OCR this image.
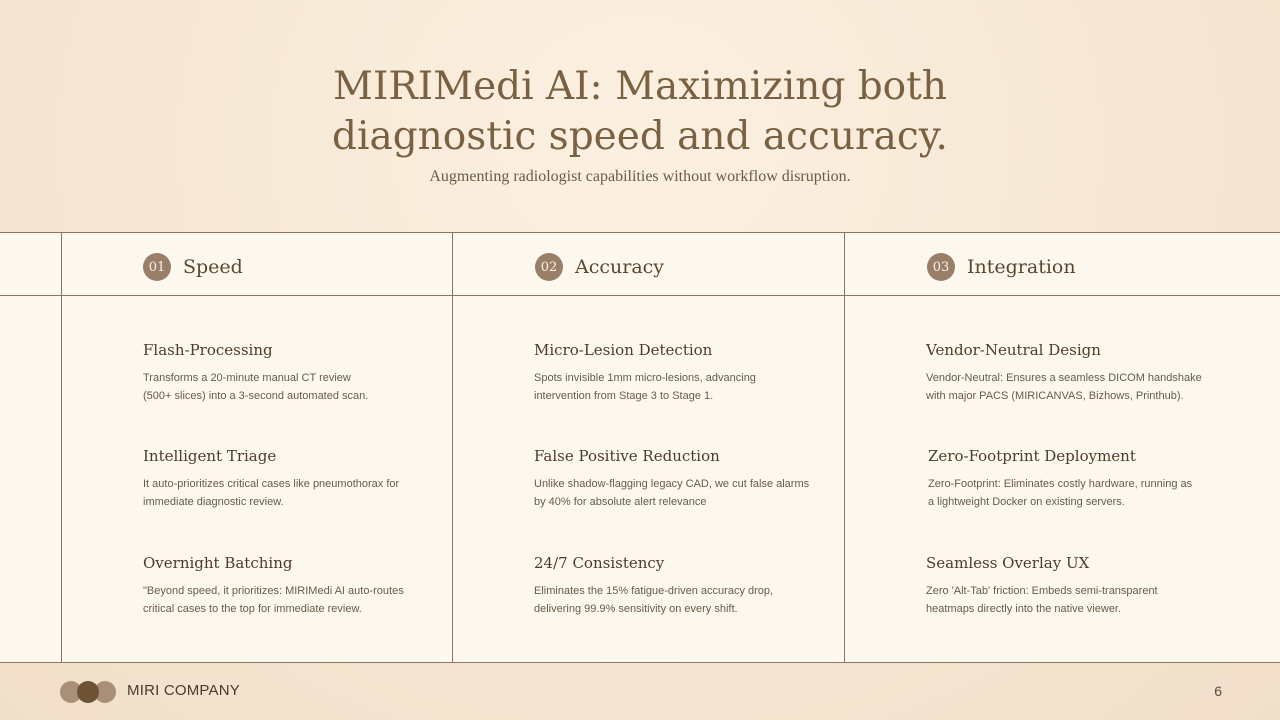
MIRIMedi AI: Maximizing both
diagnostic speed and accuracy.
Augmenting radiologist capabilities without workflow disruption.
01 Speed

Flash-Processing

Transforms a 20-minute manual CT review
(500+ slices) into a 3-second automated scan.

Intelligent Triage

It auto-prioritizes critical cases like pneumothorax for
immediate diagnostic review.

Overnight Batching

"Beyond speed, it prioritizes: MIRIMedi AI auto-routes
critical cases to the top for immediate review.

02 Accuracy

Micro-Lesion Detection

Spots invisible 1mm micro-lesions, advancing
intervention from Stage 3 to Stage 1.

False Positive Reduction

Unlike shadow-flagging legacy CAD, we cut false alarms
by 40% for absolute alert relevance

24/7 Consistency

Eliminates the 15% fatigue-driven accuracy drop,
delivering 99.9% sensitivity on every shift.

03 Integration

Vendor-Neutral Design

Vendor-Neutral: Ensures a seamless DICOM handshake
with major PACS (MIRICANVAS, Bizhows, Printhub).

Zero-Footprint Deployment

Zero-Footprint: Eliminates costly hardware, running as
a lightweight Docker on existing servers.

Seamless Overlay UX

Zero 'Alt-Tab' friction: Embeds semi-transparent
heatmaps directly into the native viewer.

MIRI COMPANY	6
